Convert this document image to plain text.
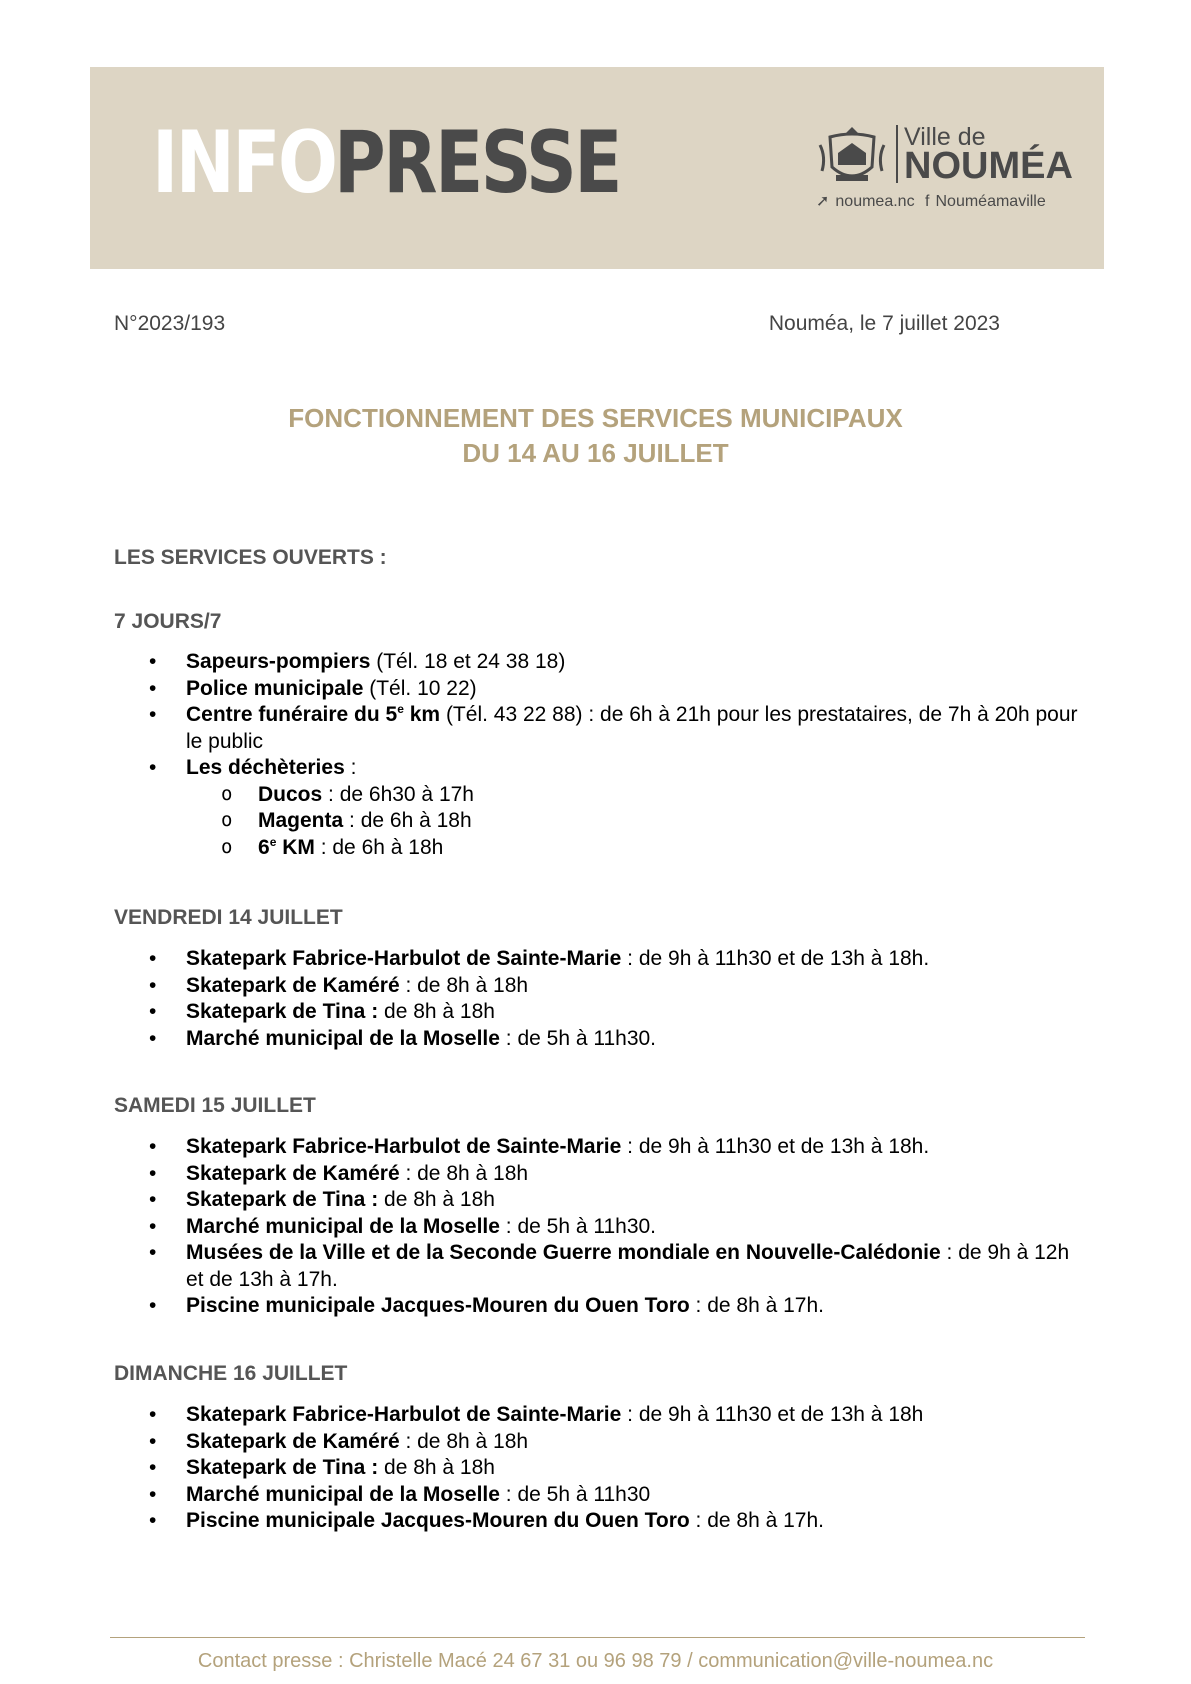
INFO
PRESSE	Ville de
NOUMÉA
➚ noumea.nc f Nouméamaville
N°2023/193	Nouméa, le 7 juillet 2023
FONCTIONNEMENT DES SERVICES MUNICIPAUX
DU 14 AU 16 JUILLET
LES SERVICES OUVERTS :
7 JOURS/7
• Sapeurs-pompiers (Tél. 18 et 24 38 18)
• Police municipale (Tél. 10 22)
• Centre funéraire du 5e km (Tél. 43 22 88) : de 6h à 21h pour les prestataires, de 7h à 20h pour le public
• Les déchèteries :
o Ducos : de 6h30 à 17h
o Magenta : de 6h à 18h
o 6e KM : de 6h à 18h
VENDREDI 14 JUILLET
• Skatepark Fabrice-Harbulot de Sainte-Marie : de 9h à 11h30 et de 13h à 18h.
• Skatepark de Kaméré : de 8h à 18h
• Skatepark de Tina : de 8h à 18h
• Marché municipal de la Moselle : de 5h à 11h30.
SAMEDI 15 JUILLET
• Skatepark Fabrice-Harbulot de Sainte-Marie : de 9h à 11h30 et de 13h à 18h.
• Skatepark de Kaméré : de 8h à 18h
• Skatepark de Tina : de 8h à 18h
• Marché municipal de la Moselle : de 5h à 11h30.
• Musées de la Ville et de la Seconde Guerre mondiale en Nouvelle-Calédonie : de 9h à 12h et de 13h à 17h.
• Piscine municipale Jacques-Mouren du Ouen Toro : de 8h à 17h.
DIMANCHE 16 JUILLET
• Skatepark Fabrice-Harbulot de Sainte-Marie : de 9h à 11h30 et de 13h à 18h
• Skatepark de Kaméré : de 8h à 18h
• Skatepark de Tina : de 8h à 18h
• Marché municipal de la Moselle : de 5h à 11h30
• Piscine municipale Jacques-Mouren du Ouen Toro : de 8h à 17h.
Contact presse : Christelle Macé 24 67 31 ou 96 98 79 / communication@ville-noumea.nc
